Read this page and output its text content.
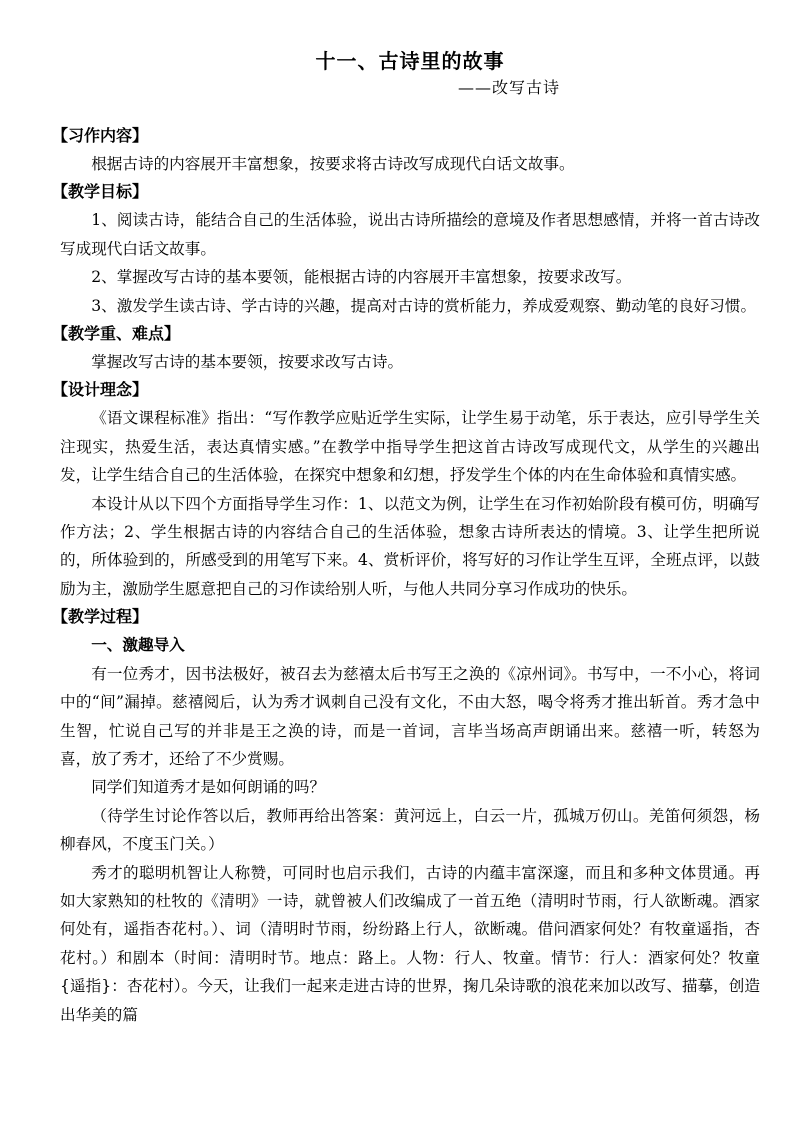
十一、古诗里的故事

——改写古诗

【习作内容】

根据古诗的内容展开丰富想象，按要求将古诗改写成现代白话文故事。

【教学目标】

1、阅读古诗，能结合自己的生活体验，说出古诗所描绘的意境及作者思想感情，并将一首古诗改写成现代白话文故事。

2、掌握改写古诗的基本要领，能根据古诗的内容展开丰富想象，按要求改写。

3、激发学生读古诗、学古诗的兴趣，提高对古诗的赏析能力，养成爱观察、勤动笔的良好习惯。

【教学重、难点】

掌握改写古诗的基本要领，按要求改写古诗。

【设计理念】

《语文课程标准》指出：“写作教学应贴近学生实际，让学生易于动笔，乐于表达，应引导学生关注现实，热爱生活，表达真情实感。”在教学中指导学生把这首古诗改写成现代文，从学生的兴趣出发，让学生结合自己的生活体验，在探究中想象和幻想，抒发学生个体的内在生命体验和真情实感。

本设计从以下四个方面指导学生习作：1、以范文为例，让学生在习作初始阶段有模可仿，明确写作方法；2、学生根据古诗的内容结合自己的生活体验，想象古诗所表达的情境。3、让学生把所说的，所体验到的，所感受到的用笔写下来。4、赏析评价，将写好的习作让学生互评，全班点评，以鼓励为主，激励学生愿意把自己的习作读给别人听，与他人共同分享习作成功的快乐。

【教学过程】

一、激趣导入

有一位秀才，因书法极好，被召去为慈禧太后书写王之涣的《凉州词》。书写中，一不小心，将词中的“间”漏掉。慈禧阅后，认为秀才讽刺自己没有文化，不由大怒，喝令将秀才推出斩首。秀才急中生智，忙说自己写的并非是王之涣的诗，而是一首词，言毕当场高声朗诵出来。慈禧一听，转怒为喜，放了秀才，还给了不少赏赐。

同学们知道秀才是如何朗诵的吗？

（待学生讨论作答以后，教师再给出答案：黄河远上，白云一片，孤城万仞山。羌笛何须怨，杨柳春风，不度玉门关。）

秀才的聪明机智让人称赞，可同时也启示我们，古诗的内蕴丰富深邃，而且和多种文体贯通。再如大家熟知的杜牧的《清明》一诗，就曾被人们改编成了一首五绝（清明时节雨，行人欲断魂。酒家何处有，遥指杏花村。）、词（清明时节雨，纷纷路上行人，欲断魂。借问酒家何处？有牧童遥指，杏花村。）和剧本（时间：清明时节。地点：路上。人物：行人、牧童。情节：行人：酒家何处？牧童{遥指}：杏花村）。今天，让我们一起来走进古诗的世界，掬几朵诗歌的浪花来加以改写、描摹，创造出华美的篇
